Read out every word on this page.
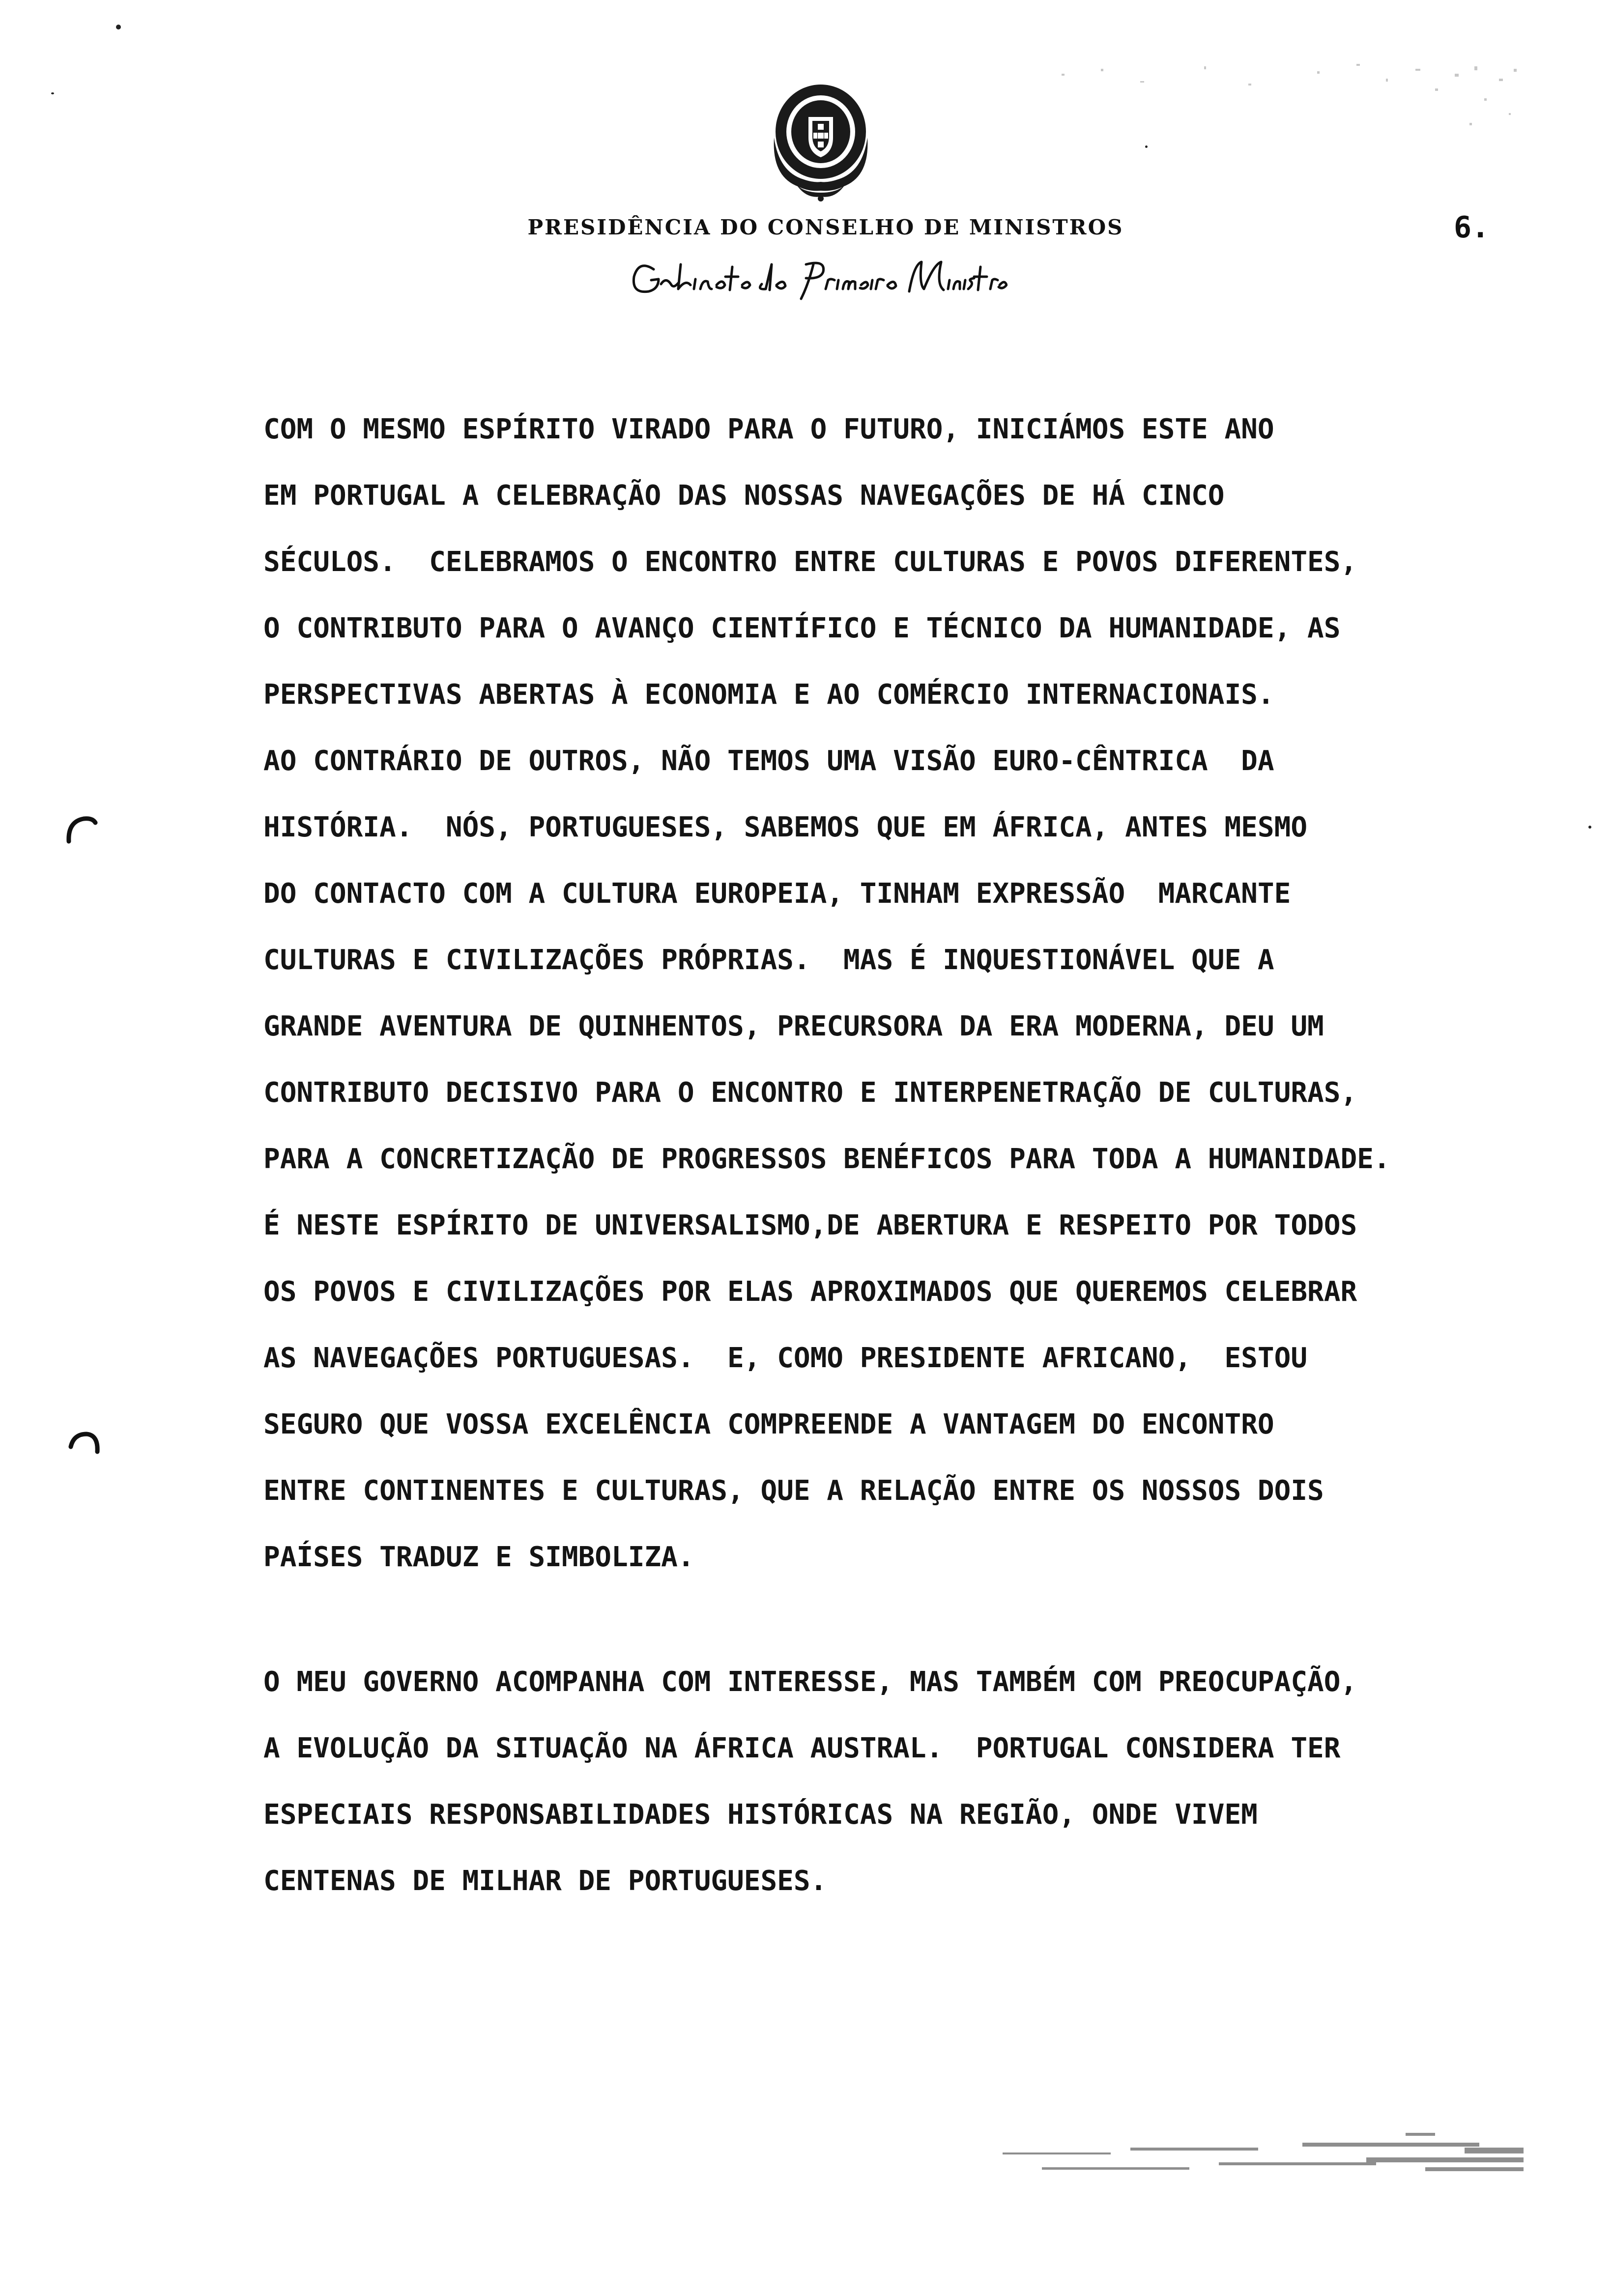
PRESIDÊNCIA DO CONSELHO DE MINISTROS	6.
COM O MESMO ESPÍRITO VIRADO PARA O FUTURO, INICIÁMOS ESTE ANO
EM PORTUGAL A CELEBRAÇÃO DAS NOSSAS NAVEGAÇÕES DE HÁ CINCO
SÉCULOS.  CELEBRAMOS O ENCONTRO ENTRE CULTURAS E POVOS DIFERENTES,
O CONTRIBUTO PARA O AVANÇO CIENTÍFICO E TÉCNICO DA HUMANIDADE, AS
PERSPECTIVAS ABERTAS À ECONOMIA E AO COMÉRCIO INTERNACIONAIS.
AO CONTRÁRIO DE OUTROS, NÃO TEMOS UMA VISÃO EURO-CÊNTRICA  DA
HISTÓRIA.  NÓS, PORTUGUESES, SABEMOS QUE EM ÁFRICA, ANTES MESMO
DO CONTACTO COM A CULTURA EUROPEIA, TINHAM EXPRESSÃO  MARCANTE
CULTURAS E CIVILIZAÇÕES PRÓPRIAS.  MAS É INQUESTIONÁVEL QUE A
GRANDE AVENTURA DE QUINHENTOS, PRECURSORA DA ERA MODERNA, DEU UM
CONTRIBUTO DECISIVO PARA O ENCONTRO E INTERPENETRAÇÃO DE CULTURAS,
PARA A CONCRETIZAÇÃO DE PROGRESSOS BENÉFICOS PARA TODA A HUMANIDADE.
É NESTE ESPÍRITO DE UNIVERSALISMO,DE ABERTURA E RESPEITO POR TODOS
OS POVOS E CIVILIZAÇÕES POR ELAS APROXIMADOS QUE QUEREMOS CELEBRAR
AS NAVEGAÇÕES PORTUGUESAS.  E, COMO PRESIDENTE AFRICANO,  ESTOU
SEGURO QUE VOSSA EXCELÊNCIA COMPREENDE A VANTAGEM DO ENCONTRO
ENTRE CONTINENTES E CULTURAS, QUE A RELAÇÃO ENTRE OS NOSSOS DOIS
PAÍSES TRADUZ E SIMBOLIZA.
O MEU GOVERNO ACOMPANHA COM INTERESSE, MAS TAMBÉM COM PREOCUPAÇÃO,
A EVOLUÇÃO DA SITUAÇÃO NA ÁFRICA AUSTRAL.  PORTUGAL CONSIDERA TER
ESPECIAIS RESPONSABILIDADES HISTÓRICAS NA REGIÃO, ONDE VIVEM
CENTENAS DE MILHAR DE PORTUGUESES.
